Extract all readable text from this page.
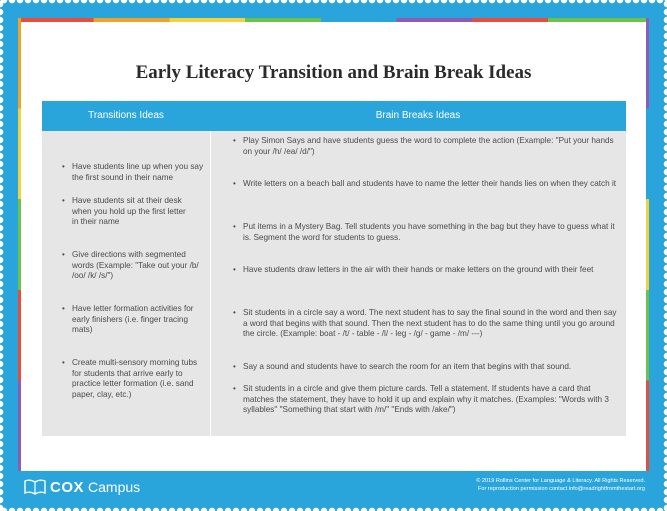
Early Literacy Transition and Brain Break Ideas
Transitions Ideas	Brain Breaks Ideas
• Have students line up when you say the first sound in their name
• Have students sit at their desk when you hold up the first letter in their name
• Give directions with segmented words (Example: "Take out your /b/ /oo/ /k/ /s/")
• Have letter formation activities for early finishers (i.e. finger tracing mats)
• Create multi-sensory morning tubs for students that arrive early to practice letter formation (i.e. sand paper, clay, etc.)
• Play Simon Says and have students guess the word to complete the action (Example: "Put your hands on your /h/ /ea/ /d/")
• Write letters on a beach ball and students have to name the letter their hands lies on when they catch it
• Put items in a Mystery Bag. Tell students you have something in the bag but they have to guess what it is. Segment the word for students to guess.
• Have students draw letters in the air with their hands or make letters on the ground with their feet
• Sit students in a circle say a word. The next student has to say the final sound in the word and then say a word that begins with that sound. Then the next student has to do the same thing until you go around the circle. (Example: boat - /t/ - table - /l/ - leg - /g/ - game - /m/ ---)
• Say a sound and students have to search the room for an item that begins with that sound.
• Sit students in a circle and give them picture cards. Tell a statement. If students have a card that matches the statement, they have to hold it up and explain why it matches. (Examples: "Words with 3 syllables" "Something that start with /m/" "Ends with /ake/")
COX Campus	© 2019 Rollins Center for Language & Literacy. All Rights Reserved.
For reproduction permission contact info@readrightfromthestart.org
